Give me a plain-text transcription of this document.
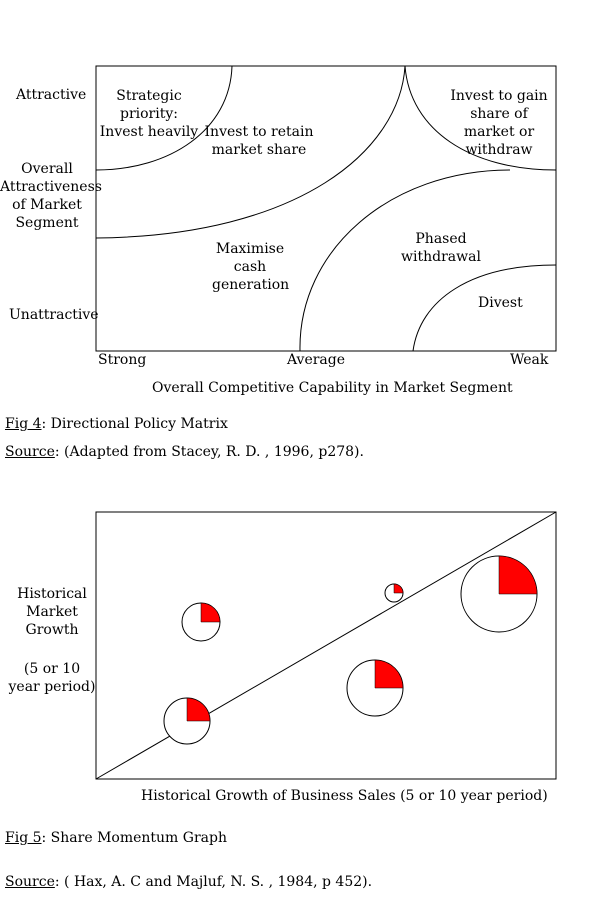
Attractive
Overall Attractiveness of Market Segment
Unattractive
Strategic priority: Invest heavily Invest to retain market share
Invest to gain share of market or withdraw
Maximise cash generation
Phased withdrawal
Divest
Strong	Average	Weak
Overall Competitive Capability in Market Segment
Fig 4: Directional Policy Matrix
Source: (Adapted from Stacey, R. D. , 1996, p278).
Historical Market Growth
(5 or 10 year period)
Historical Growth of Business Sales (5 or 10 year period)
Fig 5: Share Momentum Graph
Source: ( Hax, A. C and Majluf, N. S. , 1984, p 452).
